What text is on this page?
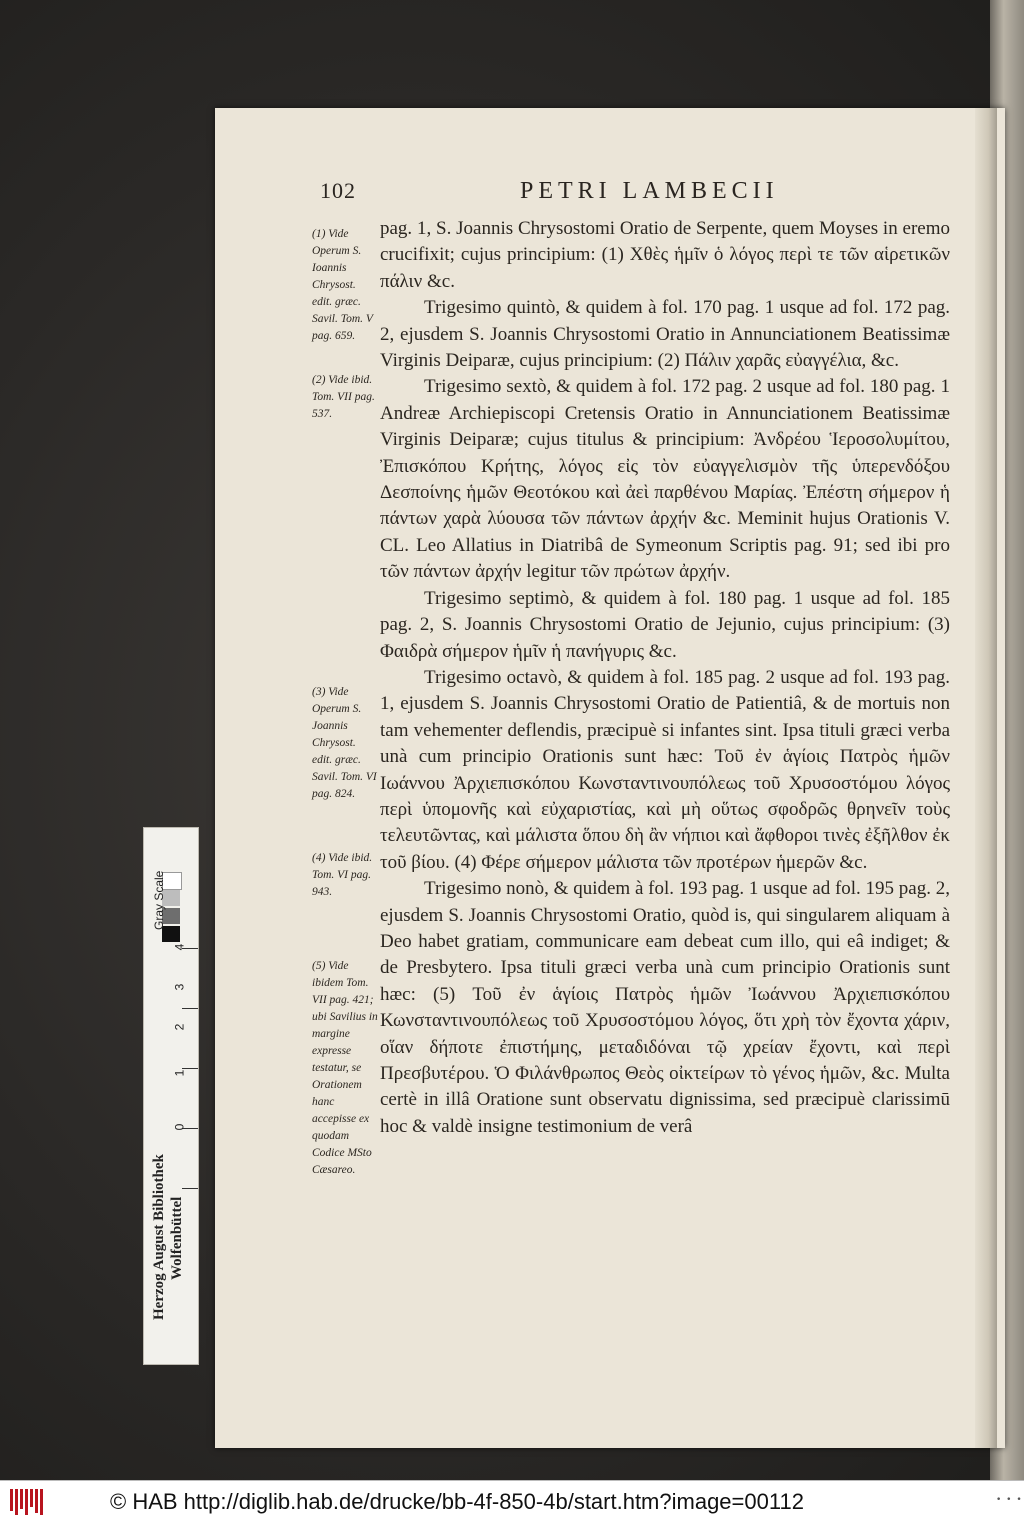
102	PETRI LAMBECII
(1) Vide Operum S. Ioannis Chrysost. edit. græc. Savil. Tom. V pag. 659.
(2) Vide ibid. Tom. VII pag. 537.
(3) Vide Operum S. Joannis Chrysost. edit. græc. Savil. Tom. VI pag. 824.
(4) Vide ibid. Tom. VI pag. 943.
(5) Vide ibidem Tom. VII pag. 421; ubi Savilius in margine expresse testatur, se Orationem hanc accepisse ex quodam Codice MSto Cæsareo.

pag. 1, S. Joannis Chrysostomi Oratio de Serpente, quem Moyses in eremo crucifixit; cujus principium: (1) Χθὲς ἡμῖν ὁ λόγος περὶ τε τῶν αἱρετικῶν πάλιν &c.

Trigesimo quintò, & quidem à fol. 170 pag. 1 usque ad fol. 172 pag. 2, ejusdem S. Joannis Chrysostomi Oratio in Annunciationem Beatissimæ Virginis Deiparæ, cujus principium: (2) Πάλιν χαρᾶς εὐαγγέλια, &c.

Trigesimo sextò, & quidem à fol. 172 pag. 2 usque ad fol. 180 pag. 1 Andreæ Archiepiscopi Cretensis Oratio in Annunciationem Beatissimæ Virginis Deiparæ; cujus titulus & principium: Ἀνδρέου Ἱεροσολυμίτου, Ἐπισκόπου Κρήτης, λόγος εἰς τὸν εὐαγγελισμὸν τῆς ὑπερενδόξου Δεσποίνης ἡμῶν Θεοτόκου καὶ ἀεὶ παρθένου Μαρίας. Ἐπέστη σήμερον ἡ πάντων χαρὰ λύουσα τῶν πάντων ἀρχήν &c. Meminit hujus Orationis V. CL. Leo Allatius in Diatribâ de Symeonum Scriptis pag. 91; sed ibi pro τῶν πάντων ἀρχήν legitur τῶν πρώτων ἀρχήν.

Trigesimo septimò, & quidem à fol. 180 pag. 1 usque ad fol. 185 pag. 2, S. Joannis Chrysostomi Oratio de Jejunio, cujus principium: (3) Φαιδρὰ σήμερον ἡμῖν ἡ πανήγυρις &c.

Trigesimo octavò, & quidem à fol. 185 pag. 2 usque ad fol. 193 pag. 1, ejusdem S. Joannis Chrysostomi Oratio de Patientiâ, & de mortuis non tam vehementer deflendis, præcipuè si infantes sint. Ipsa tituli græci verba unà cum principio Orationis sunt hæc: Τοῦ ἐν ἁγίοις Πατρὸς ἡμῶν Ιωάννου Ἀρχιεπισκόπου Κωνσταντινουπόλεως τοῦ Χρυσοστόμου λόγος περὶ ὑπομονῆς καὶ εὐχαριστίας, καὶ μὴ οὕτως σφοδρῶς θρηνεῖν τοὺς τελευτῶντας, καὶ μάλιστα ὅπου δὴ ἂν νήπιοι καὶ ἄφθοροι τινὲς ἐξῆλθον ἐκ τοῦ βίου. (4) Φέρε σήμερον μάλιστα τῶν προτέρων ἡμερῶν &c.

Trigesimo nonò, & quidem à fol. 193 pag. 1 usque ad fol. 195 pag. 2, ejusdem S. Joannis Chrysostomi Oratio, quòd is, qui singularem aliquam à Deo habet gratiam, communicare eam debeat cum illo, qui eâ indiget; & de Presbytero. Ipsa tituli græci verba unà cum principio Orationis sunt hæc: (5) Τοῦ ἐν ἁγίοις Πατρὸς ἡμῶν Ἰωάννου Ἀρχιεπισκόπου Κωνσταντινουπόλεως τοῦ Χρυσοστόμου λόγος, ὅτι χρὴ τὸν ἔχοντα χάριν, οἵαν δήποτε ἐπιστήμης, μεταδιδόναι τῷ χρείαν ἔχοντι, καὶ περὶ Πρεσβυτέρου. Ὁ Φιλάνθρωπος Θεὸς οἰκτείρων τὸ γένος ἡμῶν, &c. Multa certè in illâ Oratione sunt observatu dignissima, sed præcipuè clarissimū hoc & valdè insigne testimonium de verâ

Gray Scale
4
3
2
1
0
Herzog August Bibliothek Wolfenbüttel
© HAB http://diglib.hab.de/drucke/bb-4f-850-4b/start.htm?image=00112	• • •
